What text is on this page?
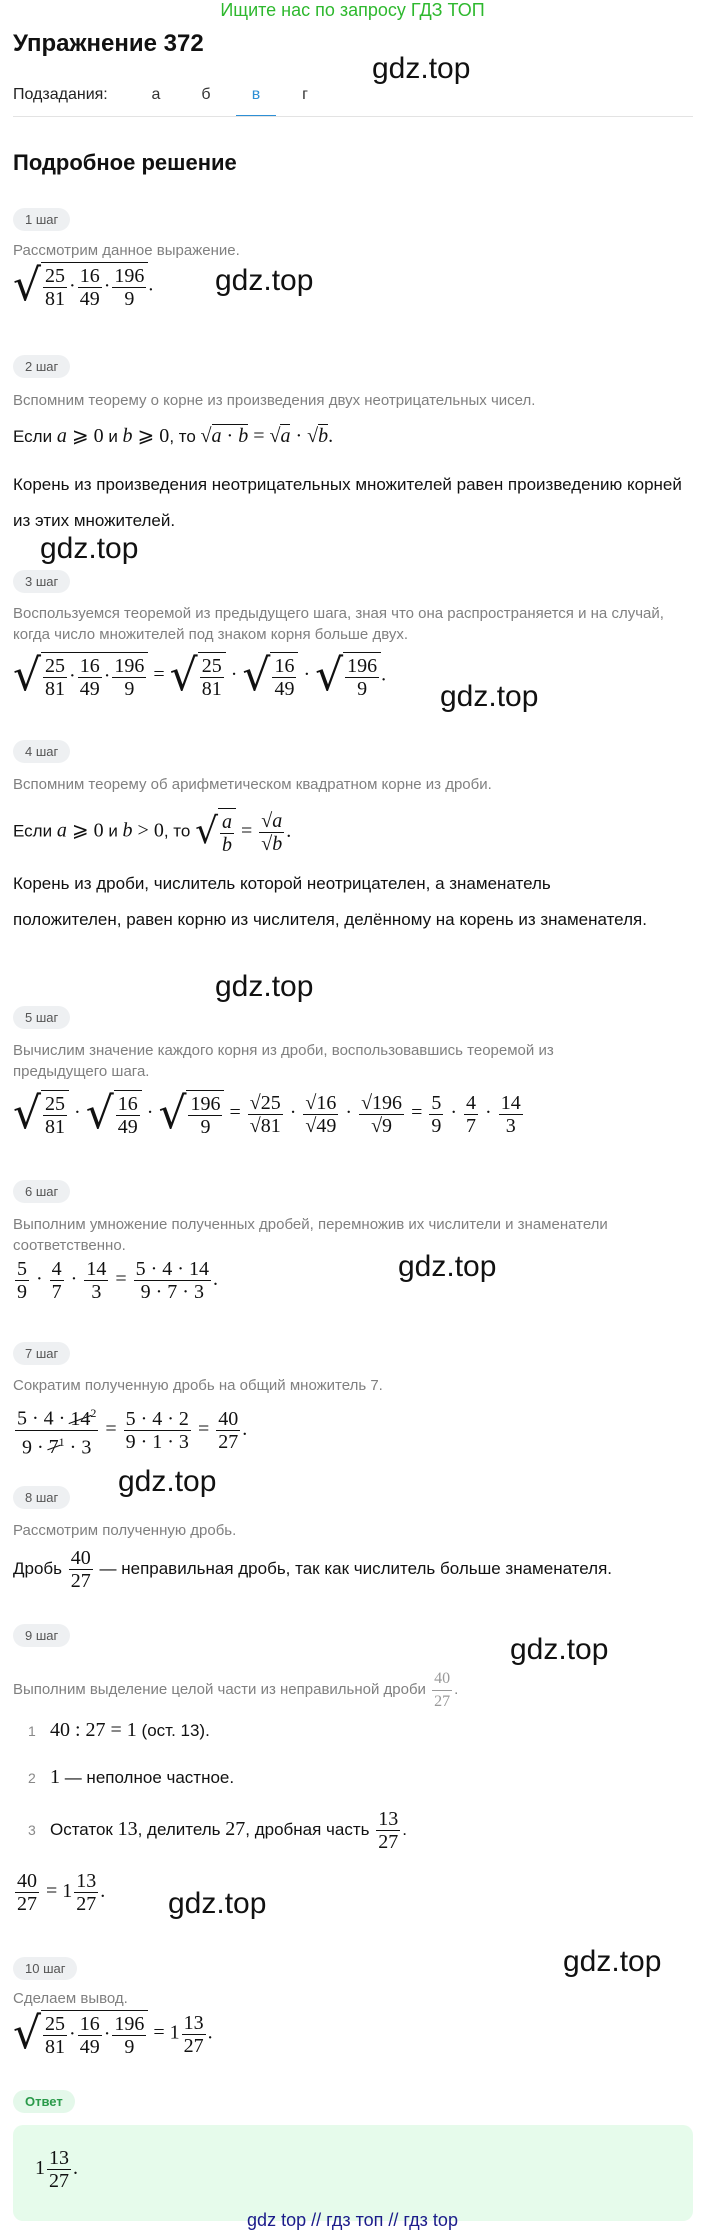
Ищите нас по запросу ГДЗ ТОП
Упражнение 372
gdz.top
Подзадания:	а	б	в	г
Подробное решение
1 шаг
Рассмотрим данное выражение.
√ $\frac{25}{81} \cdot \frac{16}{49} \cdot \frac{196}{9}$ . gdz.top
2 шаг
Вспомним теорему о корне из произведения двух неотрицательных чисел.
Если a ⩾ 0 и b ⩾ 0, то √a · b = √a · √b.
Корень из произведения неотрицательных множителей равен произведению корней из этих множителей.
gdz.top
3 шаг
Воспользуемся теоремой из предыдущего шага, зная что она распространяется и на случай, когда число множителей под знаком корня больше двух.
√ $\frac{25}{81} \cdot \frac{16}{49} \cdot \frac{196}{9}$ = √ $\frac{25}{81}$ · √ $\frac{16}{49}$ · √ $\frac{196}{9}$ .
gdz.top
4 шаг
Вспомним теорему об арифметическом квадратном корне из дроби.
Если a ⩾ 0 и b > 0, то √ $\frac{a}{b} = \frac{√a}{√b}$ .
Корень из дроби, числитель которой неотрицателен, а знаменатель положителен, равен корню из числителя, делённому на корень из знаменателя.
gdz.top
5 шаг
Вычислим значение каждого корня из дроби, воспользовавшись теоремой из предыдущего шага.
√ $\frac{25}{81}$ · √ $\frac{16}{49}$ · √ $\frac{196}{9} = \frac{√25}{√81} \cdot \frac{√16}{√49} \cdot \frac{√196}{√9} = \frac{5}{9} \cdot \frac{4}{7} \cdot \frac{14}{3}$
6 шаг
Выполним умножение полученных дробей, перемножив их числители и знаменатели соответственно.
$\frac{5}{9} \cdot \frac{4}{7} \cdot \frac{14}{3} = \frac{5 \cdot 4 \cdot 14}{9 \cdot 7 \cdot 3}$ .	gdz.top
7 шаг
Сократим полученную дробь на общий множитель 7.
$\frac{5 \cdot 4 \cdot 14^2}{9 \cdot 7^1 \cdot 3} = \frac{5 \cdot 4 \cdot 2}{9 \cdot 1 \cdot 3} = \frac{40}{27}$ .
8 шаг	gdz.top
Рассмотрим полученную дробь.
Дробь $\frac{40}{27}$ — неправильная дробь, так как числитель больше знаменателя.
9 шаг
Выполним выделение целой части из неправильной дроби $\frac{40}{27}$ .
gdz.top
1 40 : 27 = 1 (ост. 13).
2 1 — неполное частное.
3 Остаток 13, делитель 27, дробная часть $\frac{13}{27}$ .
$\frac{40}{27} = 1 \frac{13}{27}$ . gdz.top
10 шаг	gdz.top
Сделаем вывод.
√ $\frac{25}{81} \cdot \frac{16}{49} \cdot \frac{196}{9} = 1 \frac{13}{27}$ .
Ответ
$1 \frac{13}{27}$ .
gdz top // гдз топ // гдз top
